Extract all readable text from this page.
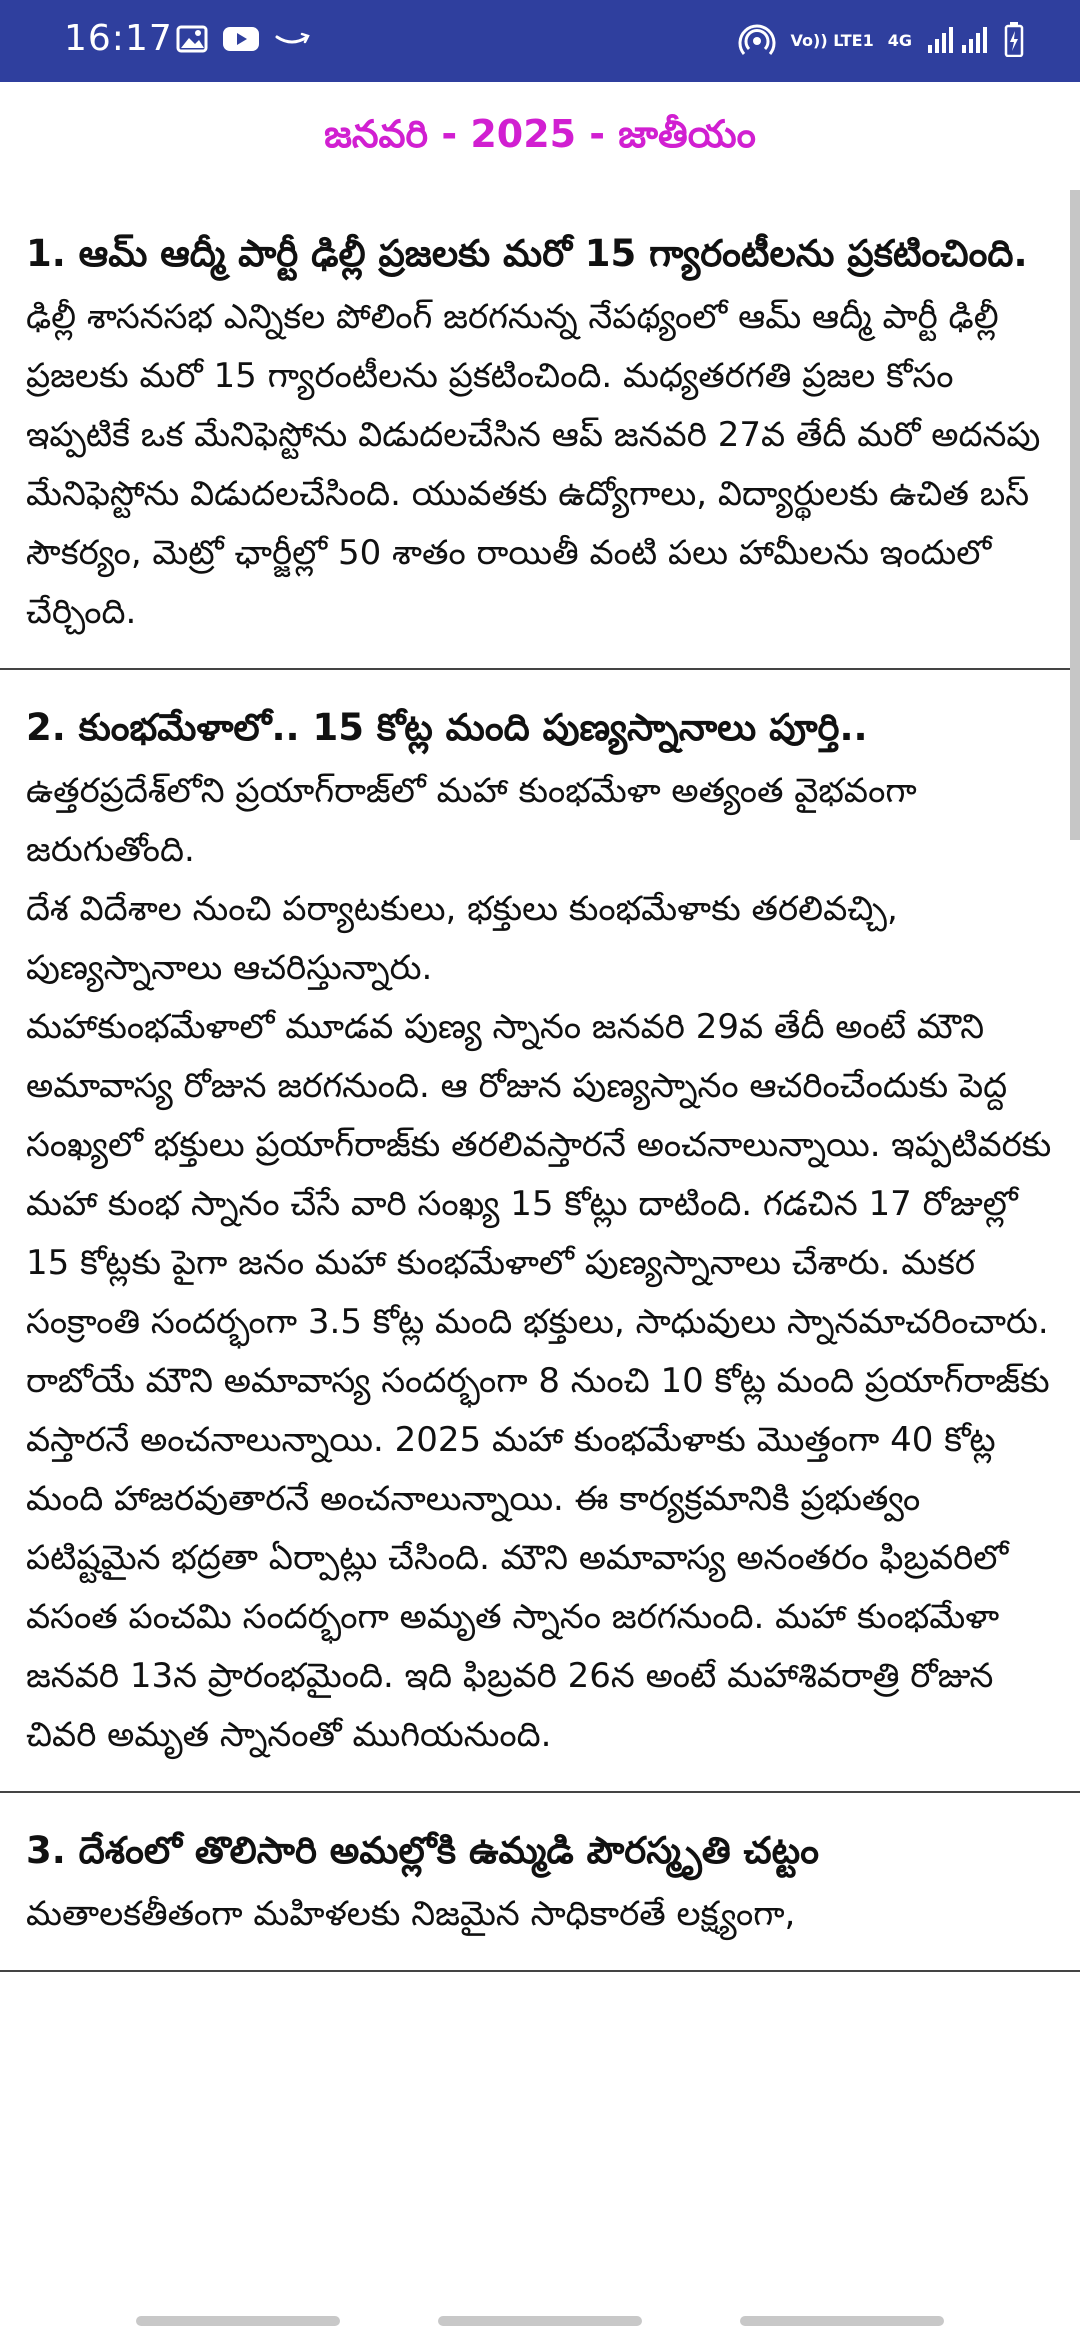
16:17	Vo)) LTE1 4G
జనవరి - 2025 - జాతీయం
1. ఆమ్ ఆద్మీ పార్టీ ఢిల్లీ ప్రజలకు మరో 15 గ్యారంటీలను ప్రకటించింది.

ఢిల్లీ శాసనసభ ఎన్నికల పోలింగ్ జరగనున్న నేపథ్యంలో ఆమ్ ఆద్మీ పార్టీ ఢిల్లీ ప్రజలకు మరో 15 గ్యారంటీలను ప్రకటించింది. మధ్యతరగతి ప్రజల కోసం ఇప్పటికే ఒక మేనిఫెస్టోను విడుదలచేసిన ఆప్ జనవరి 27వ తేదీ మరో అదనపు మేనిఫెస్టోను విడుదలచేసింది. యువతకు ఉద్యోగాలు, విద్యార్థులకు ఉచిత బస్ సౌకర్యం, మెట్రో ఛార్జీల్లో 50 శాతం రాయితీ వంటి పలు హామీలను ఇందులో చేర్చింది.

2. కుంభమేళాలో.. 15 కోట్ల మంది పుణ్యస్నానాలు పూర్తి..

ఉత్తరప్రదేశ్‌లోని ప్రయాగ్‌రాజ్‌లో మహా కుంభమేళా అత్యంత వైభవంగా జరుగుతోంది.
దేశ విదేశాల నుంచి పర్యాటకులు, భక్తులు కుంభమేళాకు తరలివచ్చి, పుణ్యస్నానాలు ఆచరిస్తున్నారు.
మహాకుంభమేళాలో మూడవ పుణ్య స్నానం జనవరి 29వ తేదీ అంటే మౌని అమావాస్య రోజున జరగనుంది. ఆ రోజున పుణ్యస్నానం ఆచరించేందుకు పెద్ద సంఖ్యలో భక్తులు ప్రయాగ్‌రాజ్‌కు తరలివస్తారనే అంచనాలున్నాయి. ఇప్పటివరకు మహా కుంభ స్నానం చేసే వారి సంఖ్య 15 కోట్లు దాటింది. గడచిన 17 రోజుల్లో 15 కోట్లకు పైగా జనం మహా కుంభమేళాలో పుణ్యస్నానాలు చేశారు. మకర సంక్రాంతి సందర్భంగా 3.5 కోట్ల మంది భక్తులు, సాధువులు స్నానమాచరించారు.
రాబోయే మౌని అమావాస్య సందర్భంగా 8 నుంచి 10 కోట్ల మంది ప్రయాగ్‌రాజ్‌కు వస్తారనే అంచనాలున్నాయి. 2025 మహా కుంభమేళాకు మొత్తంగా 40 కోట్ల మంది హాజరవుతారనే అంచనాలున్నాయి. ఈ కార్యక్రమానికి ప్రభుత్వం పటిష్టమైన భద్రతా ఏర్పాట్లు చేసింది. మౌని అమావాస్య అనంతరం ఫిబ్రవరిలో వసంత పంచమి సందర్భంగా అమృత స్నానం జరగనుంది. మహా కుంభమేళా జనవరి 13న ప్రారంభమైంది. ఇది ఫిబ్రవరి 26న అంటే మహాశివరాత్రి రోజున చివరి అమృత స్నానంతో ముగియనుంది.

3. దేశంలో తొలిసారి అమల్లోకి ఉమ్మడి పౌరస్మృతి చట్టం

మతాలకతీతంగా మహిళలకు నిజమైన సాధికారతే లక్ష్యంగా,
